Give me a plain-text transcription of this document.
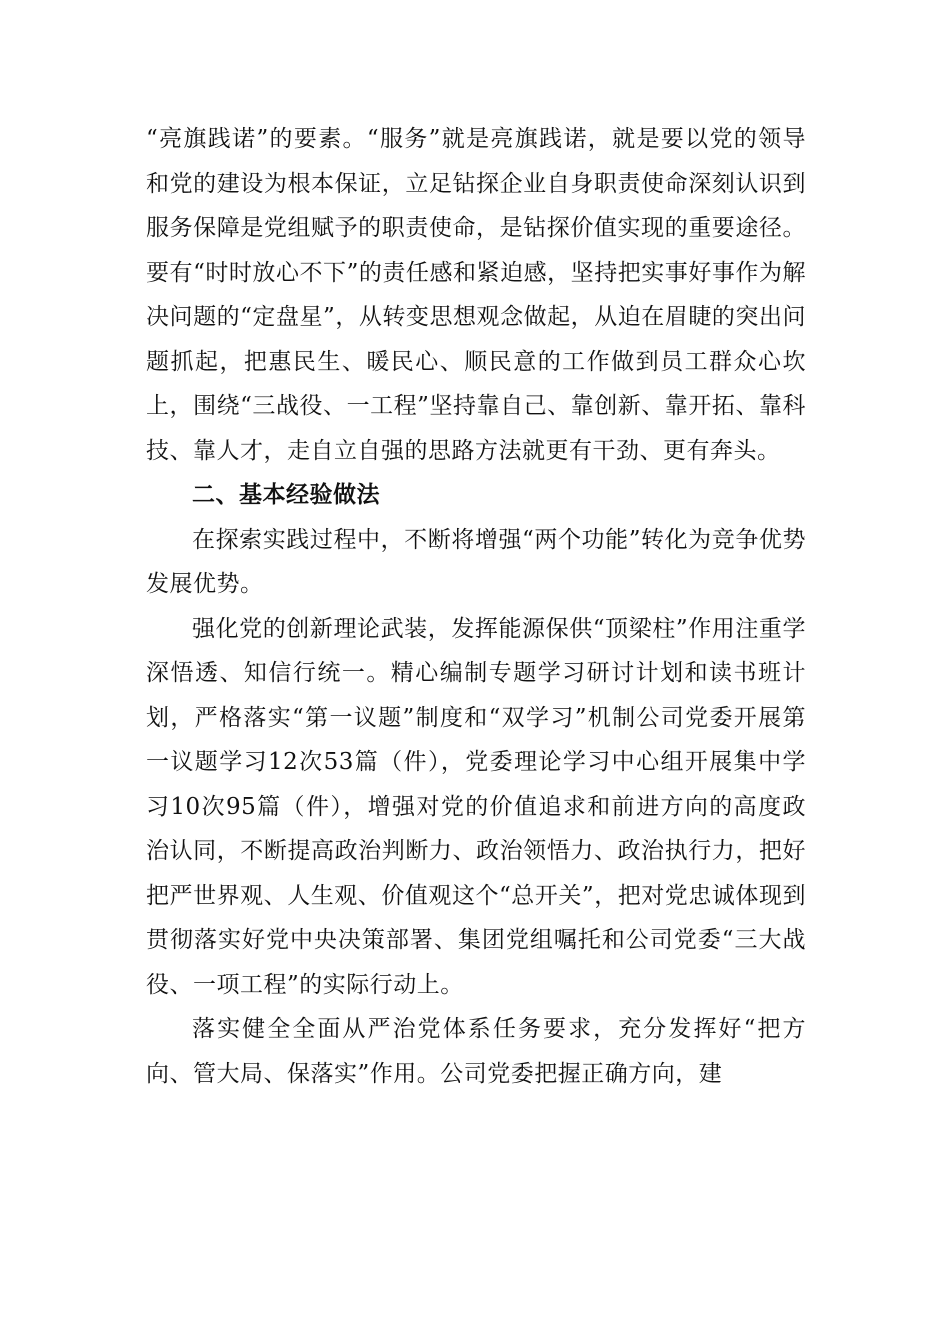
“亮旗践诺”的要素。“服务”就是亮旗践诺，就是要以党的领导和党的建设为根本保证，立足钻探企业自身职责使命深刻认识到服务保障是党组赋予的职责使命，是钻探价值实现的重要途径。要有“时时放心不下”的责任感和紧迫感，坚持把实事好事作为解决问题的“定盘星”，从转变思想观念做起，从迫在眉睫的突出问题抓起，把惠民生、暖民心、顺民意的工作做到员工群众心坎上，围绕“三战役、一工程”坚持靠自己、靠创新、靠开拓、靠科技、靠人才，走自立自强的思路方法就更有干劲、更有奔头。

二、基本经验做法

在探索实践过程中，不断将增强“两个功能”转化为竞争优势发展优势。

强化党的创新理论武装，发挥能源保供“顶梁柱”作用注重学深悟透、知信行统一。精心编制专题学习研讨计划和读书班计划，严格落实“第一议题”制度和“双学习”机制公司党委开展第一议题学习12次53篇（件），党委理论学习中心组开展集中学习10次95篇（件），增强对党的价值追求和前进方向的高度政治认同，不断提高政治判断力、政治领悟力、政治执行力，把好把严世界观、人生观、价值观这个“总开关”，把对党忠诚体现到贯彻落实好党中央决策部署、集团党组嘱托和公司党委“三大战役、一项工程”的实际行动上。

落实健全全面从严治党体系任务要求，充分发挥好“把方向、管大局、保落实”作用。公司党委把握正确方向，建
